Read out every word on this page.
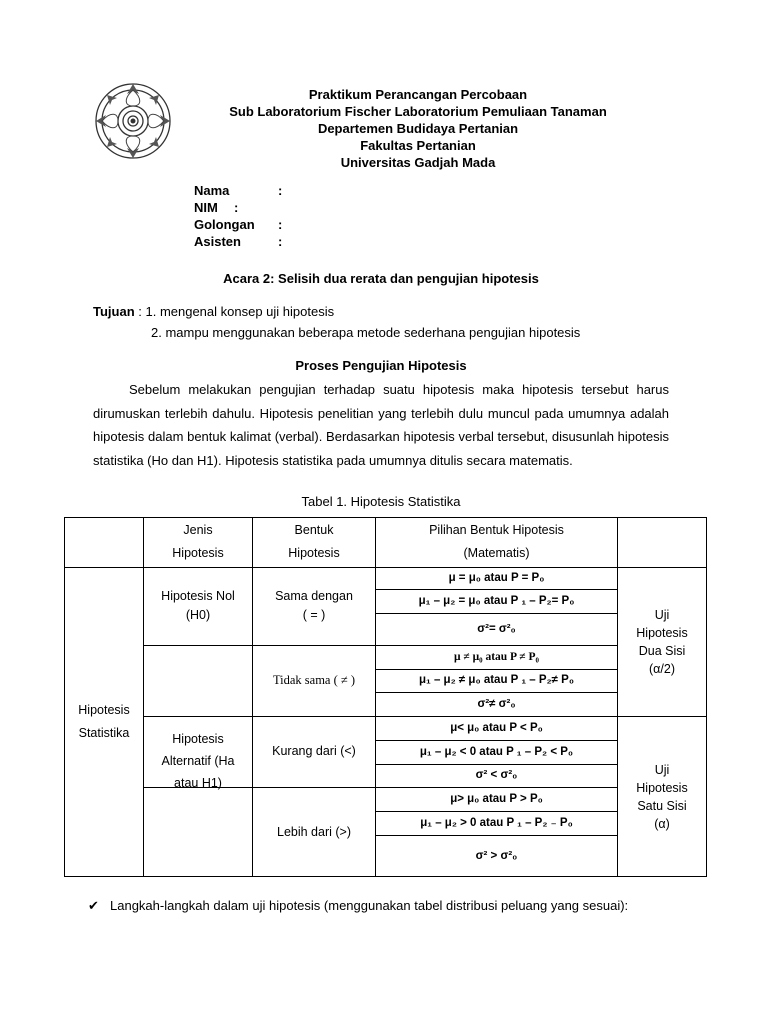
Praktikum Perancangan Percobaan
Sub Laboratorium Fischer Laboratorium Pemuliaan Tanaman
Departemen Budidaya Pertanian
Fakultas Pertanian
Universitas Gadjah Mada
Nama	:
NIM :
Golongan :
Asisten	:
Acara 2: Selisih dua rerata dan pengujian hipotesis
Tujuan : 1. mengenal konsep uji hipotesis
2. mampu menggunakan beberapa metode sederhana pengujian hipotesis
Proses Pengujian Hipotesis
Sebelum melakukan pengujian terhadap suatu hipotesis maka hipotesis tersebut harus dirumuskan terlebih dahulu. Hipotesis penelitian yang terlebih dulu muncul pada umumnya adalah hipotesis dalam bentuk kalimat (verbal). Berdasarkan hipotesis verbal tersebut, disusunlah hipotesis statistika (Ho dan H1). Hipotesis statistika pada umumnya ditulis secara matematis.
Tabel 1. Hipotesis Statistika
Jenis
Hipotesis
Bentuk
Hipotesis
Pilihan Bentuk Hipotesis
(Matematis)
Hipotesis
Statistika
Hipotesis Nol
(H0)
Hipotesis
Alternatif (Ha
atau H1)
Sama dengan
( = )
Tidak sama ( ≠ )
Kurang dari (<)
Lebih dari (>)
μ = μ₀ atau P = P₀
μ₁ – μ₂ = μ₀ atau P ₁ – P₂= P₀
σ²= σ²₀
μ ≠ μ₀ atau P ≠ P₀
μ₁ – μ₂ ≠ μ₀ atau P ₁ – P₂≠ P₀
σ²≠ σ²₀
μ< μ₀ atau P < P₀
μ₁ – μ₂ < 0 atau P ₁ – P₂ < P₀
σ² < σ²₀
μ> μ₀ atau P > P₀
μ₁ – μ₂ > 0 atau P ₁ – P₂ ₋ P₀
σ² ˃ σ²₀
Uji
Hipotesis
Dua Sisi
(α/2)
Uji
Hipotesis
Satu Sisi
(α)
✔ Langkah-langkah dalam uji hipotesis (menggunakan tabel distribusi peluang yang sesuai):
